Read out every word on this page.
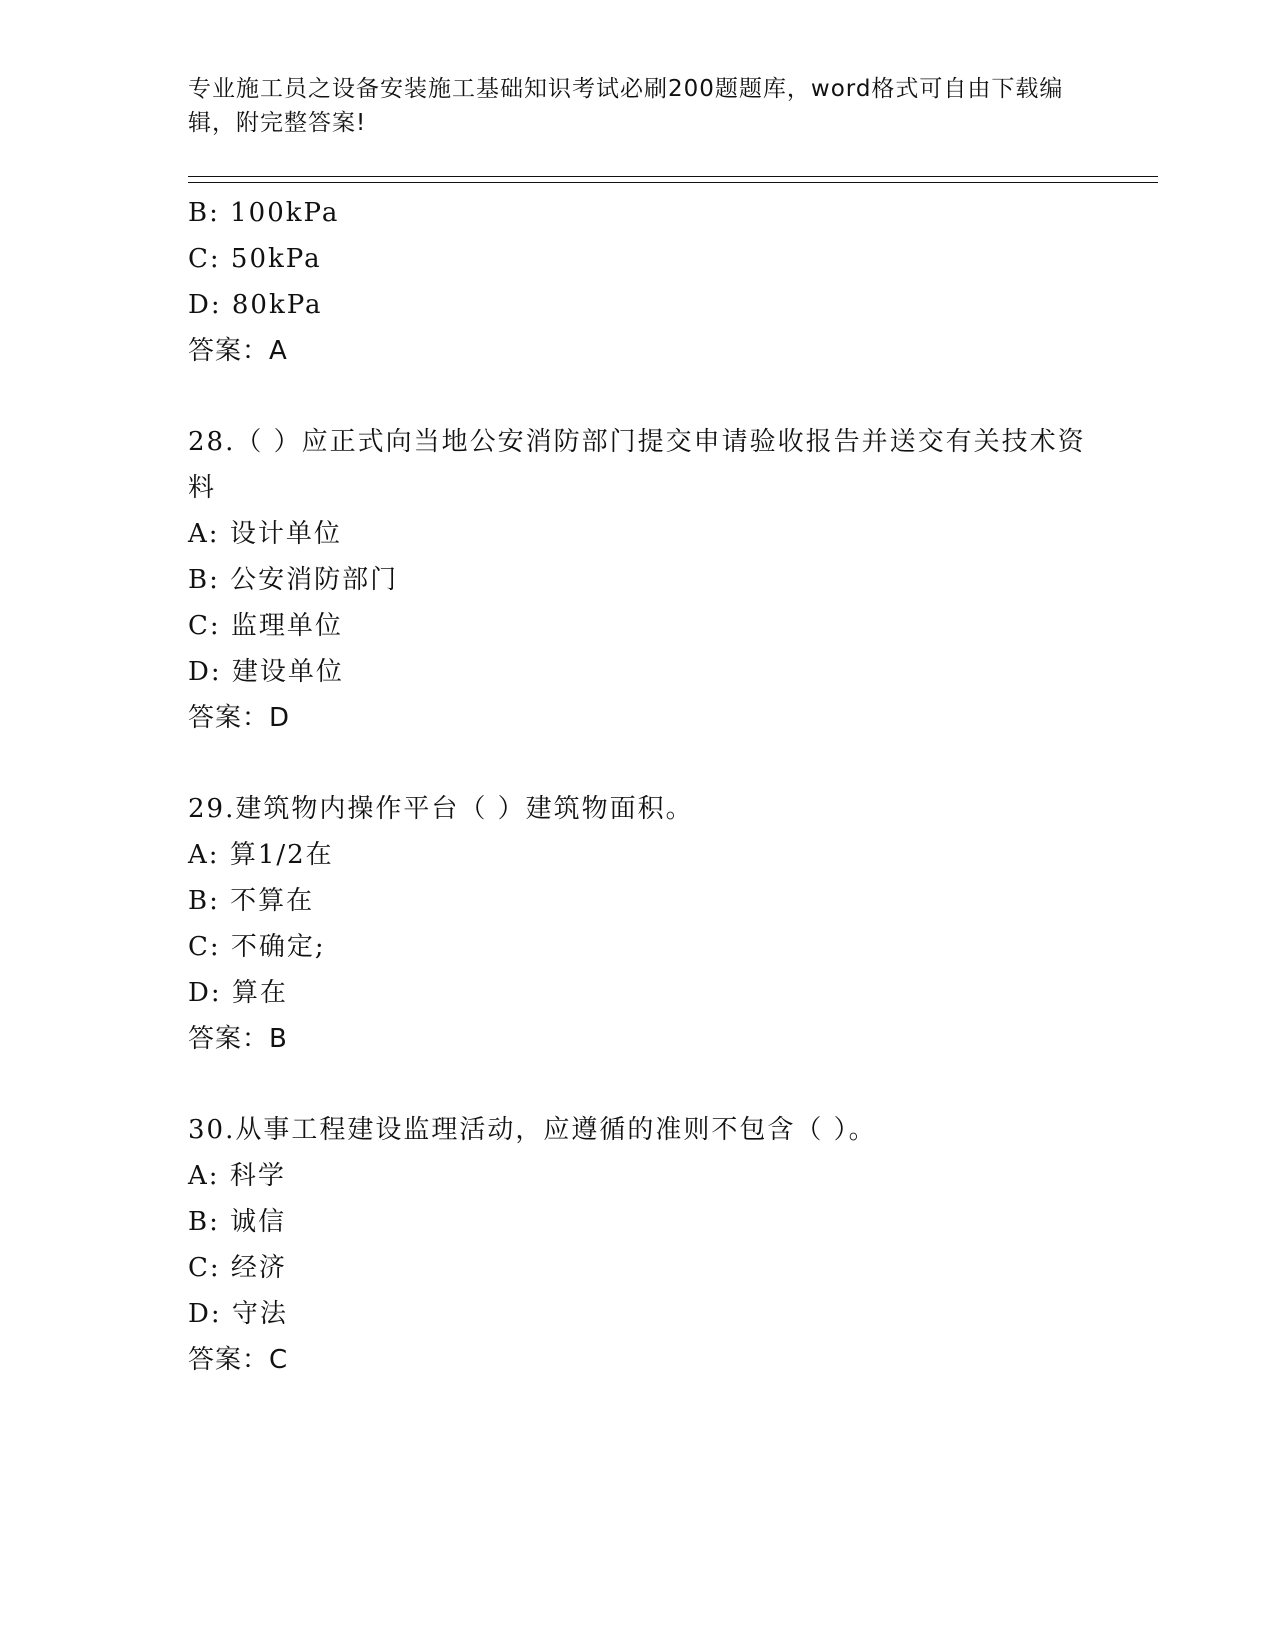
专业施工员之设备安装施工基础知识考试必刷200题题库，word格式可自由下载编辑，附完整答案!
B: 100kPa
C: 50kPa
D: 80kPa
答案：A
28.（ ）应正式向当地公安消防部门提交申请验收报告并送交有关技术资料
A: 设计单位
B: 公安消防部门
C: 监理单位
D: 建设单位
答案：D
29.建筑物内操作平台（ ）建筑物面积。
A: 算1/2在
B: 不算在
C: 不确定;
D: 算在
答案：B
30.从事工程建设监理活动，应遵循的准则不包含（ ）。
A: 科学
B: 诚信
C: 经济
D: 守法
答案：C
